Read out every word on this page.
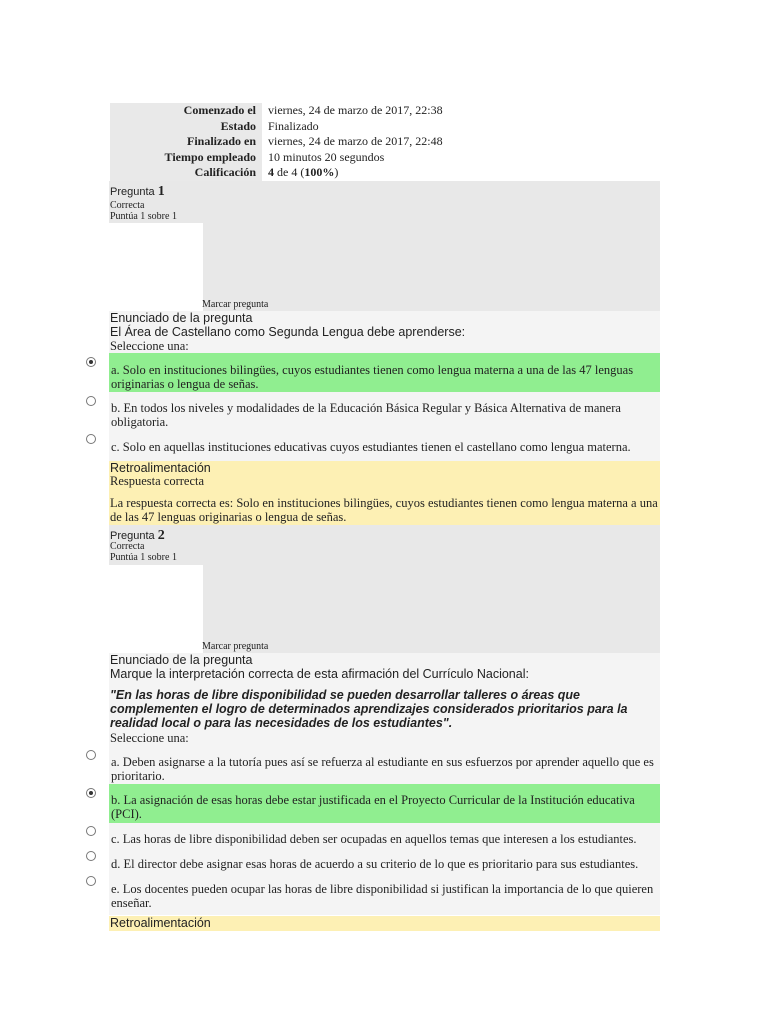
Comenzado el	viernes, 24 de marzo de 2017, 22:38
Estado	Finalizado
Finalizado en	viernes, 24 de marzo de 2017, 22:48
Tiempo empleado	10 minutos 20 segundos
Calificación	4 de 4 (100%)
Pregunta 1
Correcta
Puntúa 1 sobre 1
Marcar pregunta
Enunciado de la pregunta
El Área de Castellano como Segunda Lengua debe aprenderse:
Seleccione una:
a. Solo en instituciones bilingües, cuyos estudiantes tienen como lengua materna a una de las 47 lenguas originarias o lengua de señas.
b. En todos los niveles y modalidades de la Educación Básica Regular y Básica Alternativa de manera obligatoria.
c. Solo en aquellas instituciones educativas cuyos estudiantes tienen el castellano como lengua materna.
Retroalimentación
Respuesta correcta
La respuesta correcta es: Solo en instituciones bilingües, cuyos estudiantes tienen como lengua materna a una de las 47 lenguas originarias o lengua de señas.
Pregunta 2
Correcta
Puntúa 1 sobre 1
Marcar pregunta
Enunciado de la pregunta
Marque la interpretación correcta de esta afirmación del Currículo Nacional:
"En las horas de libre disponibilidad se pueden desarrollar talleres o áreas que complementen el logro de determinados aprendizajes considerados prioritarios para la realidad local o para las necesidades de los estudiantes".
Seleccione una:
a. Deben asignarse a la tutoría pues así se refuerza al estudiante en sus esfuerzos por aprender aquello que es prioritario.
b. La asignación de esas horas debe estar justificada en el Proyecto Curricular de la Institución educativa (PCI).
c. Las horas de libre disponibilidad deben ser ocupadas en aquellos temas que interesen a los estudiantes.
d. El director debe asignar esas horas de acuerdo a su criterio de lo que es prioritario para sus estudiantes.
e. Los docentes pueden ocupar las horas de libre disponibilidad si justifican la importancia de lo que quieren enseñar.
Retroalimentación
